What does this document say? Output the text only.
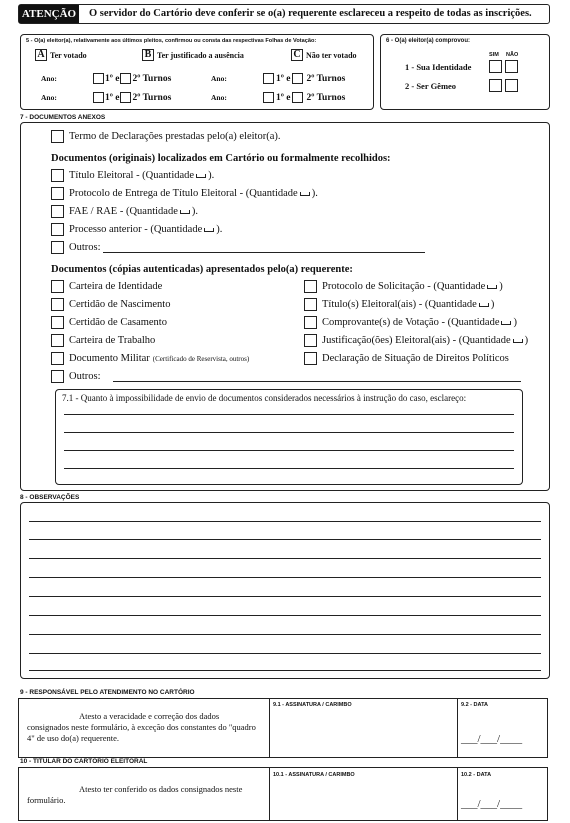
ATENÇÃO O servidor do Cartório deve conferir se o(a) requerente esclareceu a respeito de todas as inscrições.
5 - O(a) eleitor(a), relativamente aos últimos pleitos, confirmou ou consta das respectivas Folhas de Votação:
A Ter votado	B Ter justificado a ausência	C Não ter votado
Ano:	1º e 2º Turnos	Ano:	1º e 2º Turnos
Ano:	1º e 2º Turnos	Ano:	1º e 2º Turnos
6 - O(a) eleitor(a) comprovou:
SIM NÃO
1 - Sua Identidade
2 - Ser Gêmeo
7 - DOCUMENTOS ANEXOS
Termo de Declarações prestadas pelo(a) eleitor(a).
Documentos (originais) localizados em Cartório ou formalmente recolhidos:
Título Eleitoral - (Quantidade ).
Protocolo de Entrega de Título Eleitoral - (Quantidade ).
FAE / RAE - (Quantidade ).
Processo anterior - (Quantidade ).
Outros:
Documentos (cópias autenticadas) apresentados pelo(a) requerente:
Carteira de Identidade
Certidão de Nascimento
Certidão de Casamento
Carteira de Trabalho
Documento Militar (Certificado de Reservista, outros)
Protocolo de Solicitação - (Quantidade )
Título(s) Eleitoral(ais) - (Quantidade )
Comprovante(s) de Votação - (Quantidade )
Justificação(ões) Eleitoral(ais) - (Quantidade )
Declaração de Situação de Direitos Políticos
Outros:
7.1 - Quanto à impossibilidade de envio de documentos considerados necessários à instrução do caso, esclareço:
8 - OBSERVAÇÕES
9 - RESPONSÁVEL PELO ATENDIMENTO NO CARTÓRIO
Atesto a veracidade e correção dos dados consignados neste formulário, à exceção dos constantes do "quadro 4" de uso do(a) requerente.
9.1 - ASSINATURA / CARIMBO	9.2 - DATA
___/___/____
10 - TITULAR DO CARTÓRIO ELEITORAL
Atesto ter conferido os dados consignados neste formulário.
10.1 - ASSINATURA / CARIMBO	10.2 - DATA
___/___/____
